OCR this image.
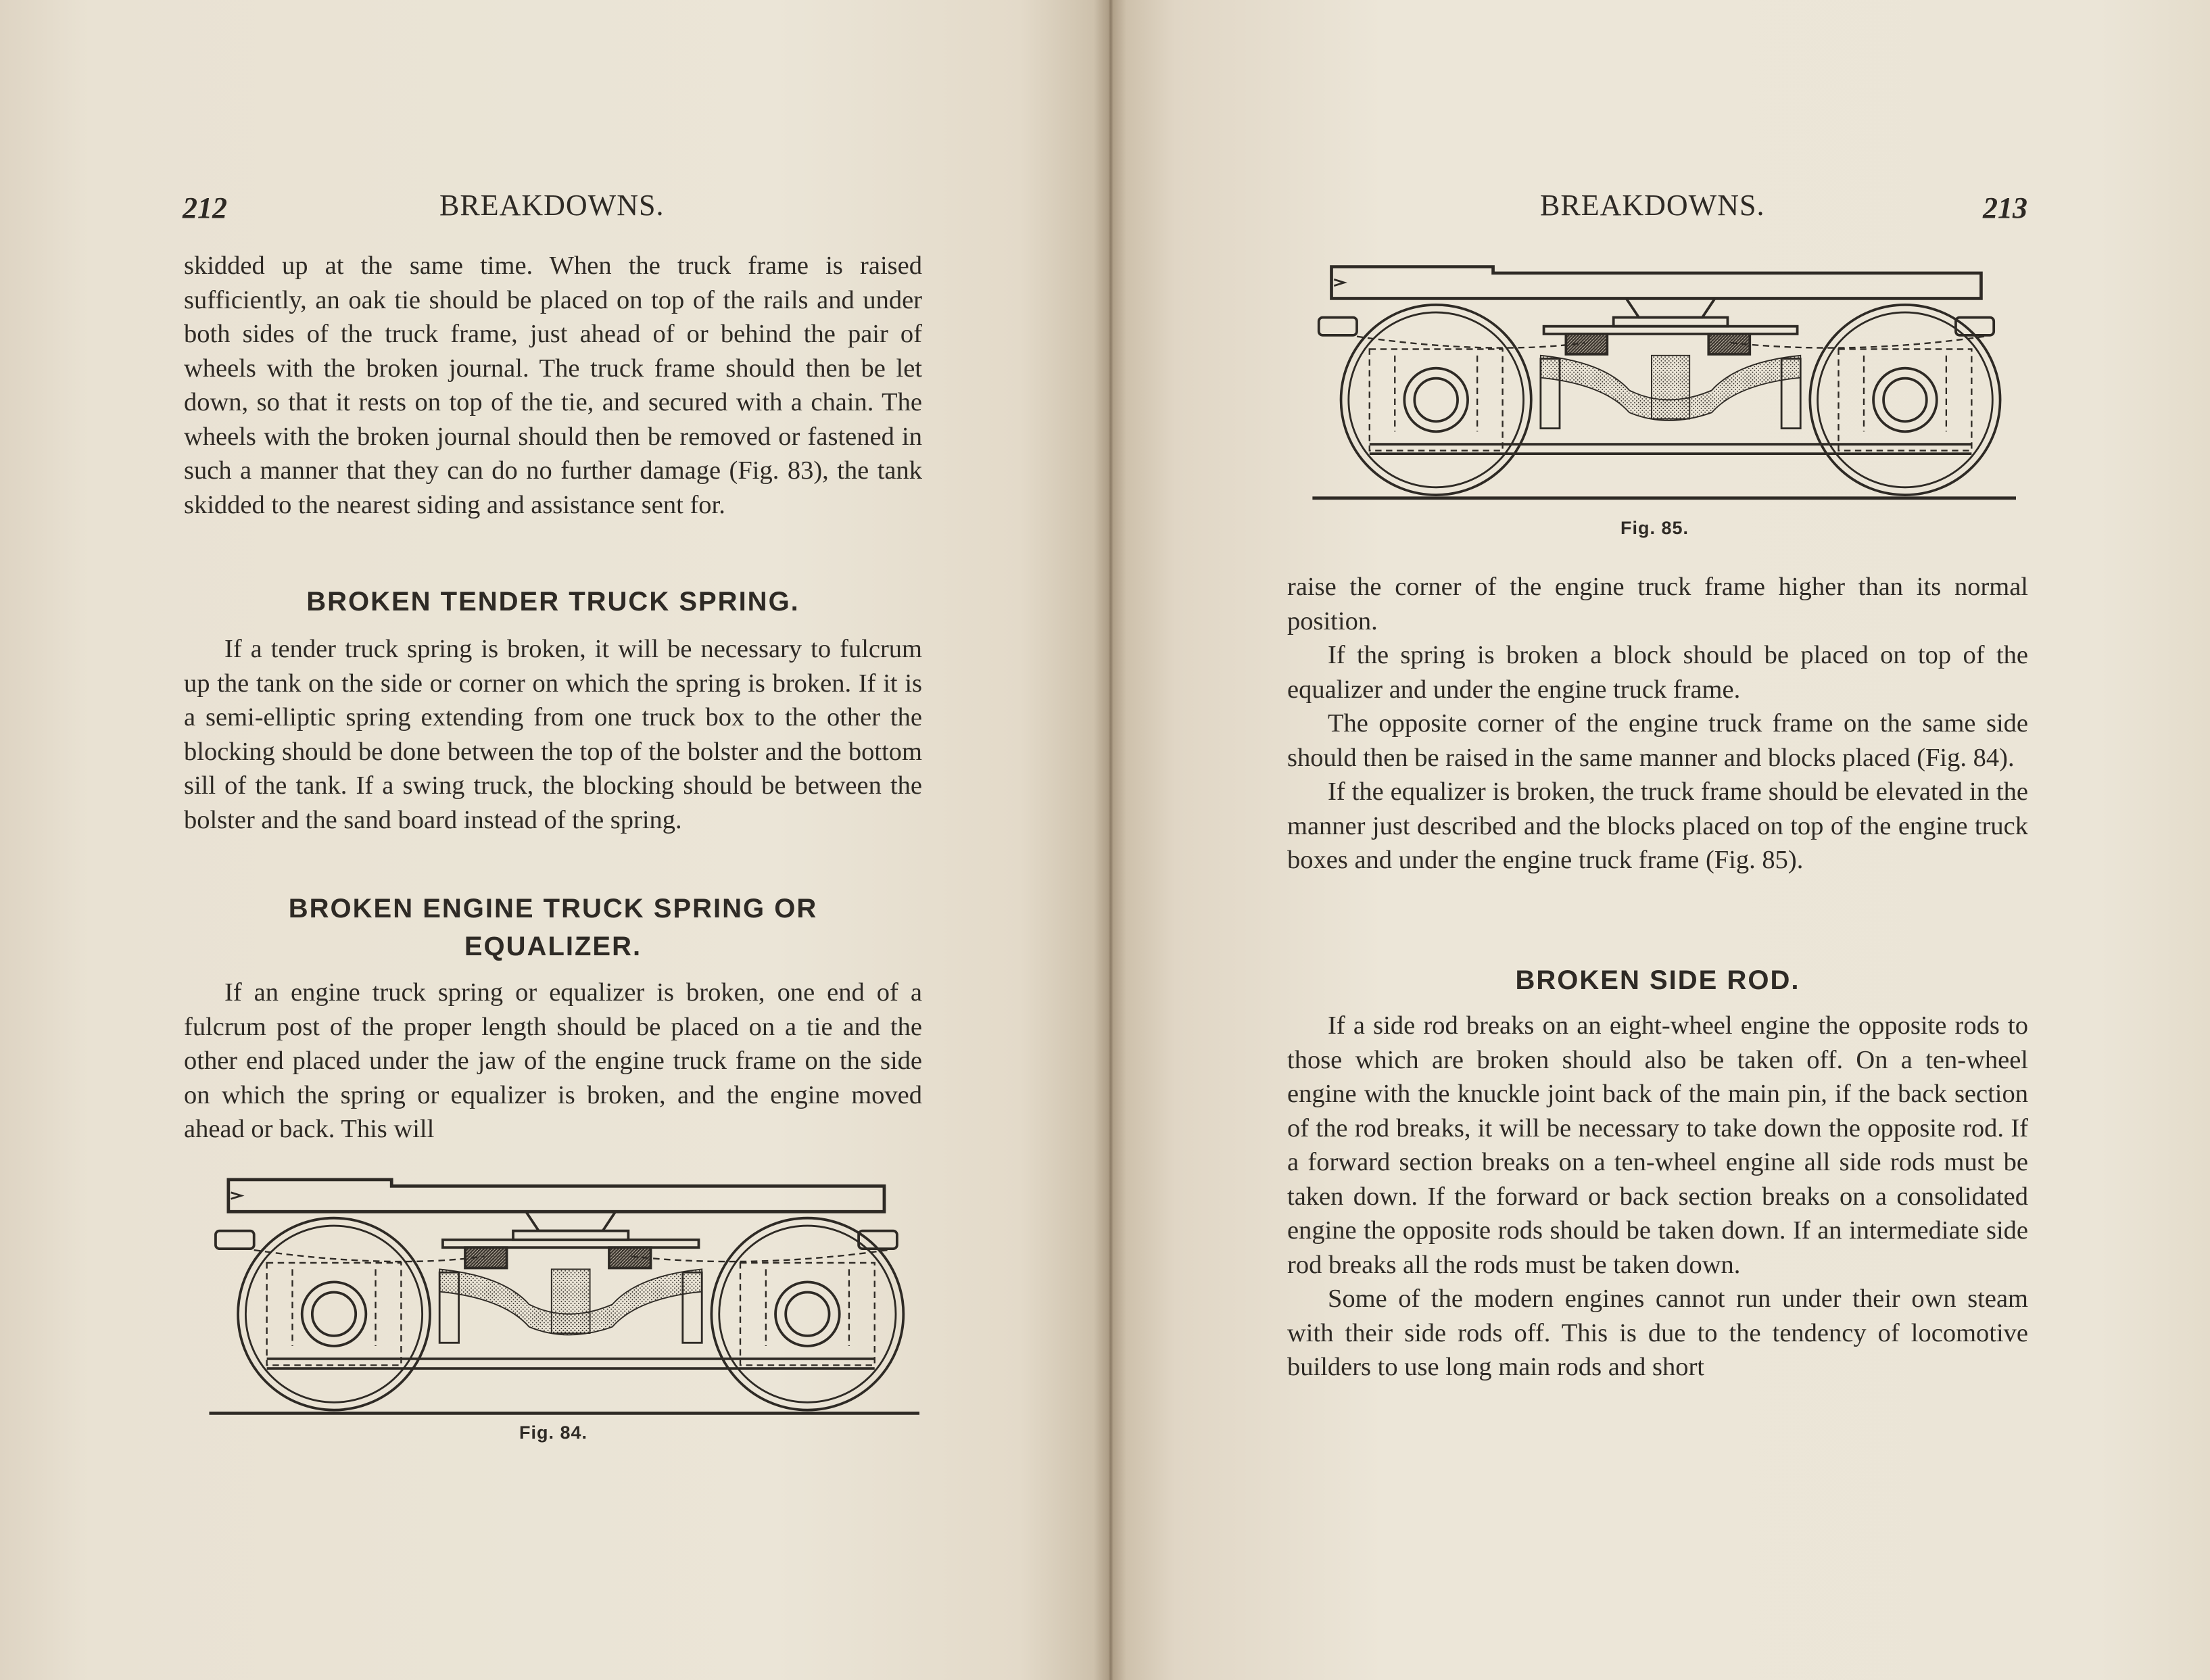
212	BREAKDOWNS.

skidded up at the same time. When the truck frame is raised sufficiently, an oak tie should be placed on top of the rails and under both sides of the truck frame, just ahead of or behind the pair of wheels with the broken journal. The truck frame should then be let down, so that it rests on top of the tie, and secured with a chain. The wheels with the broken journal should then be removed or fastened in such a manner that they can do no further damage (Fig. 83), the tank skidded to the nearest siding and assistance sent for.

BROKEN TENDER TRUCK SPRING.

If a tender truck spring is broken, it will be necessary to fulcrum up the tank on the side or corner on which the spring is broken. If it is a semi-elliptic spring extending from one truck box to the other the blocking should be done between the top of the bolster and the bottom sill of the tank. If a swing truck, the blocking should be between the bolster and the sand board instead of the spring.

BROKEN ENGINE TRUCK SPRING OR
EQUALIZER.

If an engine truck spring or equalizer is broken, one end of a fulcrum post of the proper length should be placed on a tie and the other end placed under the jaw of the engine truck frame on the side on which the spring or equalizer is broken, and the engine moved ahead or back. This will

Fig. 84.
BREAKDOWNS.	213
Fig. 85.

raise the corner of the engine truck frame higher than its normal position.

If the spring is broken a block should be placed on top of the equalizer and under the engine truck frame.

The opposite corner of the engine truck frame on the same side should then be raised in the same manner and blocks placed (Fig. 84).

If the equalizer is broken, the truck frame should be elevated in the manner just described and the blocks placed on top of the engine truck boxes and under the engine truck frame (Fig. 85).

BROKEN SIDE ROD.

If a side rod breaks on an eight-wheel engine the opposite rods to those which are broken should also be taken off. On a ten-wheel engine with the knuckle joint back of the main pin, if the back section of the rod breaks, it will be necessary to take down the opposite rod. If a forward section breaks on a ten-wheel engine all side rods must be taken down. If the forward or back section breaks on a consolidated engine the opposite rods should be taken down. If an intermediate side rod breaks all the rods must be taken down.

Some of the modern engines cannot run under their own steam with their side rods off. This is due to the tendency of locomotive builders to use long main rods and short
